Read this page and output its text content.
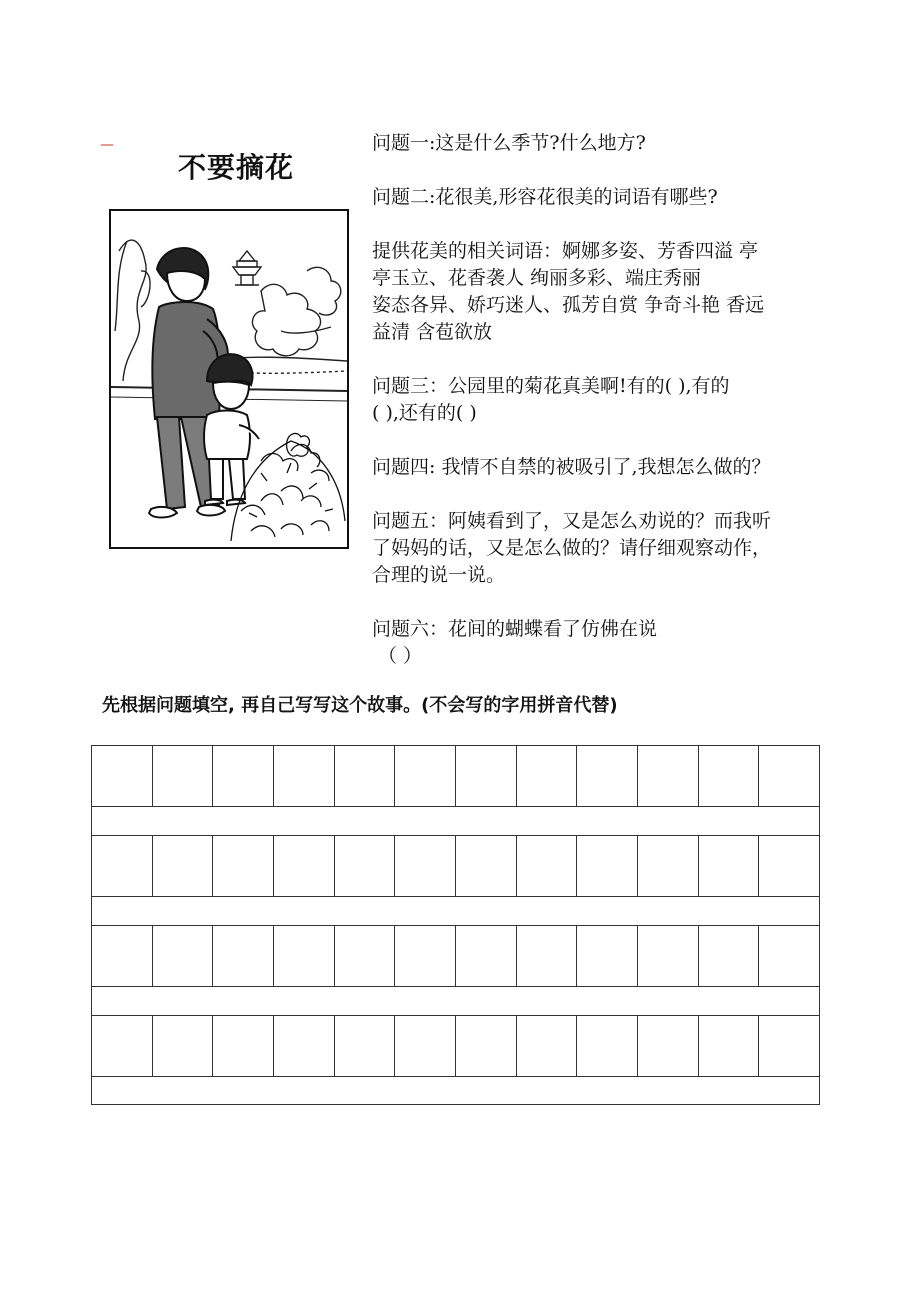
—
不要摘花

问题一:这是什么季节?什么地方?

问题二:花很美,形容花很美的词语有哪些?

提供花美的相关词语：婀娜多姿、芳香四溢 亭
亭玉立、花香袭人 绚丽多彩、端庄秀丽
姿态各异、娇巧迷人、孤芳自赏 争奇斗艳 香远
益清 含苞欲放

问题三：公园里的菊花真美啊!有的( ),有的
( ),还有的( )

问题四: 我情不自禁的被吸引了,我想怎么做的？

问题五：阿姨看到了，又是怎么劝说的？而我听
了妈妈的话，又是怎么做的？请仔细观察动作，
合理的说一说。

问题六：花间的蝴蝶看了仿佛在说
（ ）

先根据问题填空, 再自己写写这个故事。(不会写的字用拼音代替)
